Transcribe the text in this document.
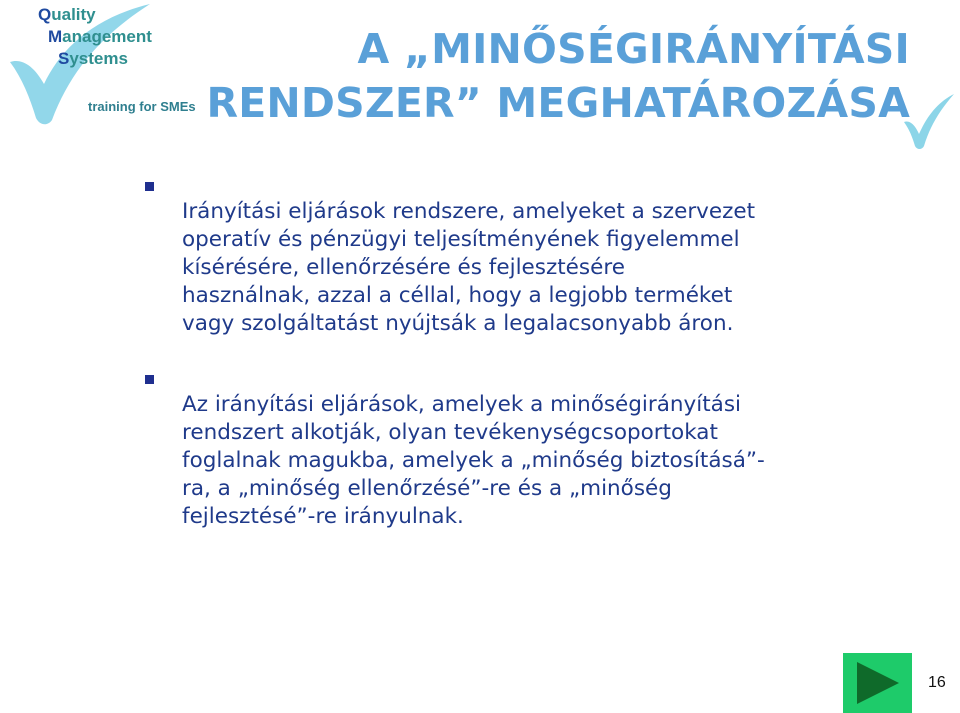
Quality
Management
Systems
training for SMEs
A „MINŐSÉGIRÁNYÍTÁSI
RENDSZER” MEGHATÁROZÁSA

Irányítási eljárások rendszere, amelyeket a szervezet
operatív és pénzügyi teljesítményének figyelemmel
kísérésére, ellenőrzésére és fejlesztésére
használnak, azzal a céllal, hogy a legjobb terméket
vagy szolgáltatást nyújtsák a legalacsonyabb áron.

Az irányítási eljárások, amelyek a minőségirányítási
rendszert alkotják, olyan tevékenységcsoportokat
foglalnak magukba, amelyek a „minőség biztosításá”-
ra, a „minőség ellenőrzésé”-re és a „minőség
fejlesztésé”-re irányulnak.

16
